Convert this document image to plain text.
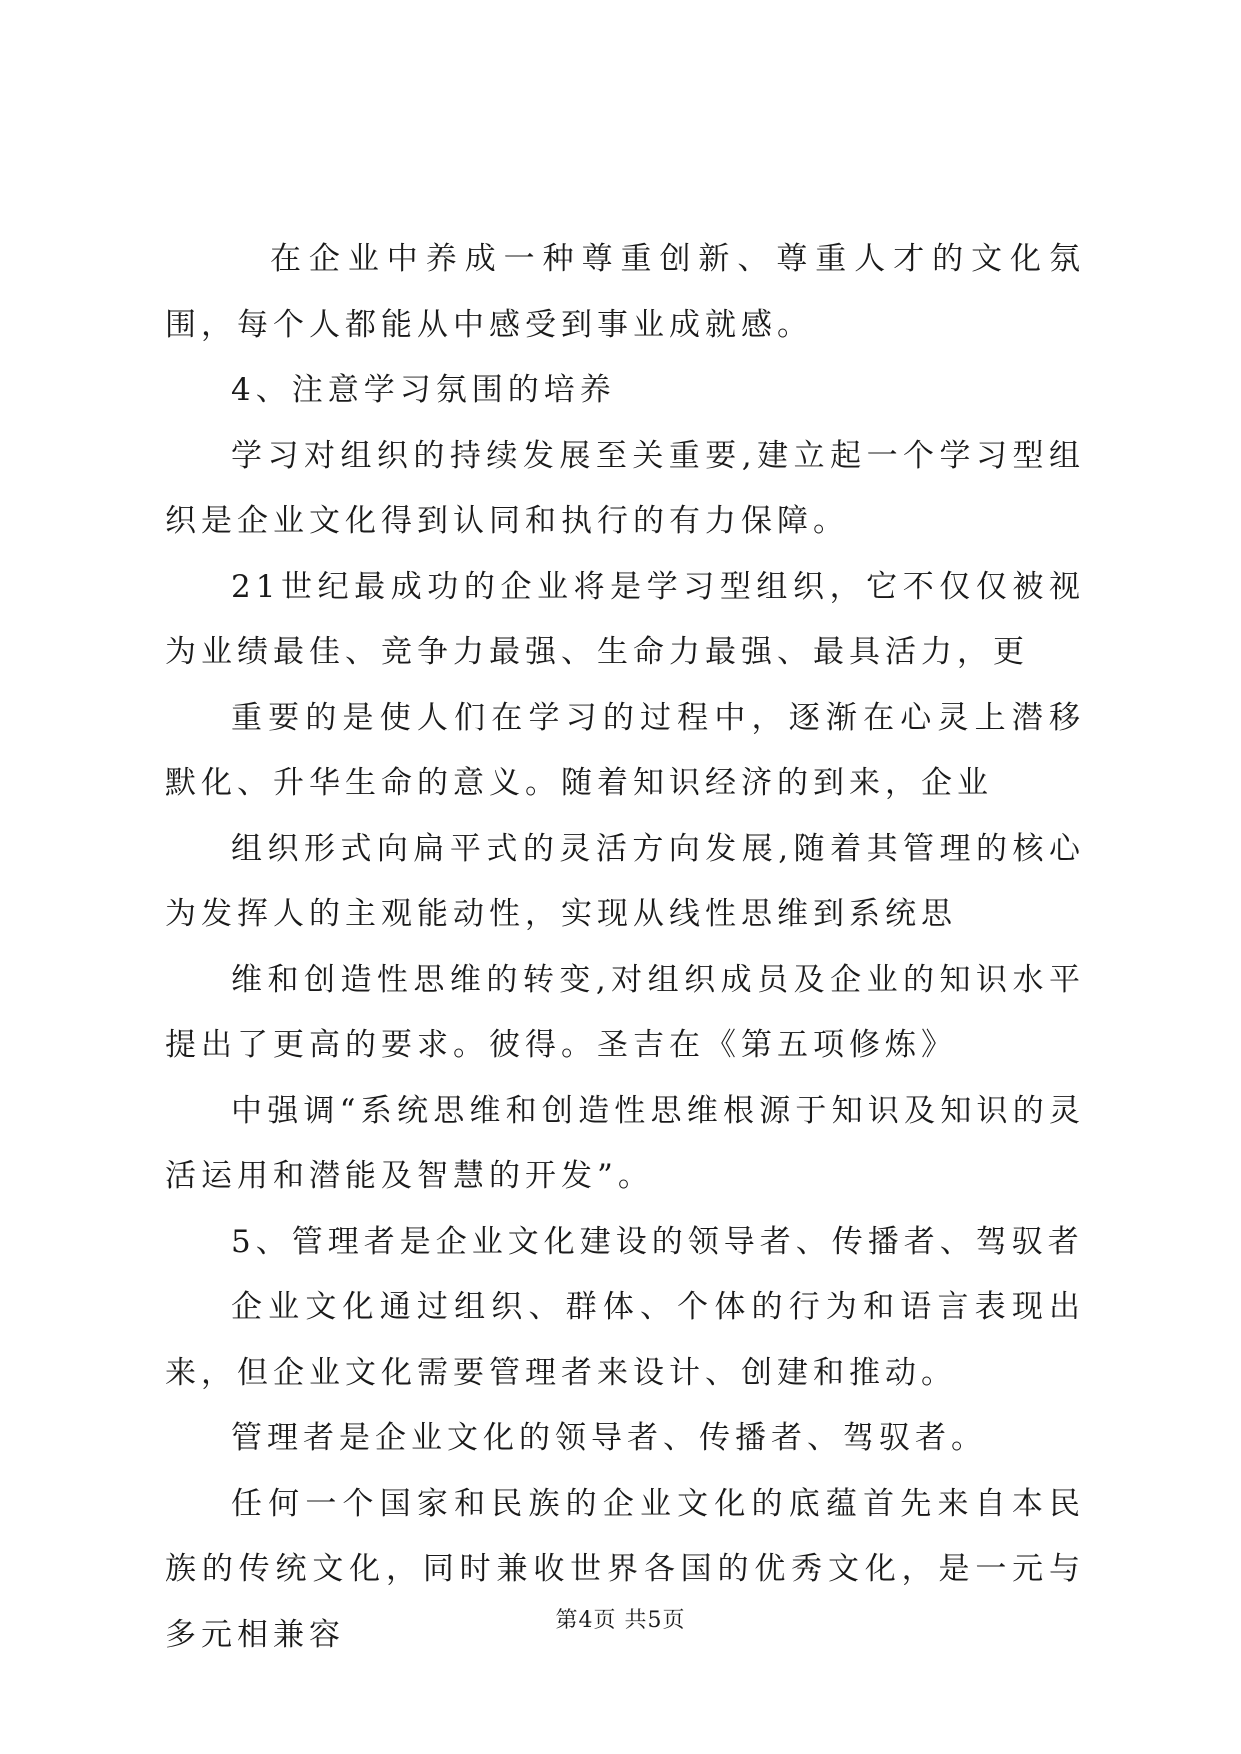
　在企业中养成一种尊重创新、尊重人才的文化氛围，每个人都能从中感受到事业成就感。

4、注意学习氛围的培养

学习对组织的持续发展至关重要,建立起一个学习型组织是企业文化得到认同和执行的有力保障。

21世纪最成功的企业将是学习型组织，它不仅仅被视为业绩最佳、竞争力最强、生命力最强、最具活力，更

重要的是使人们在学习的过程中，逐渐在心灵上潜移默化、升华生命的意义。随着知识经济的到来，企业

组织形式向扁平式的灵活方向发展,随着其管理的核心为发挥人的主观能动性，实现从线性思维到系统思

维和创造性思维的转变,对组织成员及企业的知识水平提出了更高的要求。彼得。圣吉在《第五项修炼》

中强调“系统思维和创造性思维根源于知识及知识的灵活运用和潜能及智慧的开发”。

5、管理者是企业文化建设的领导者、传播者、驾驭者

企业文化通过组织、群体、个体的行为和语言表现出来，但企业文化需要管理者来设计、创建和推动。

管理者是企业文化的领导者、传播者、驾驭者。

任何一个国家和民族的企业文化的底蕴首先来自本民族的传统文化，同时兼收世界各国的优秀文化，是一元与多元相兼容	第4页 共5页
